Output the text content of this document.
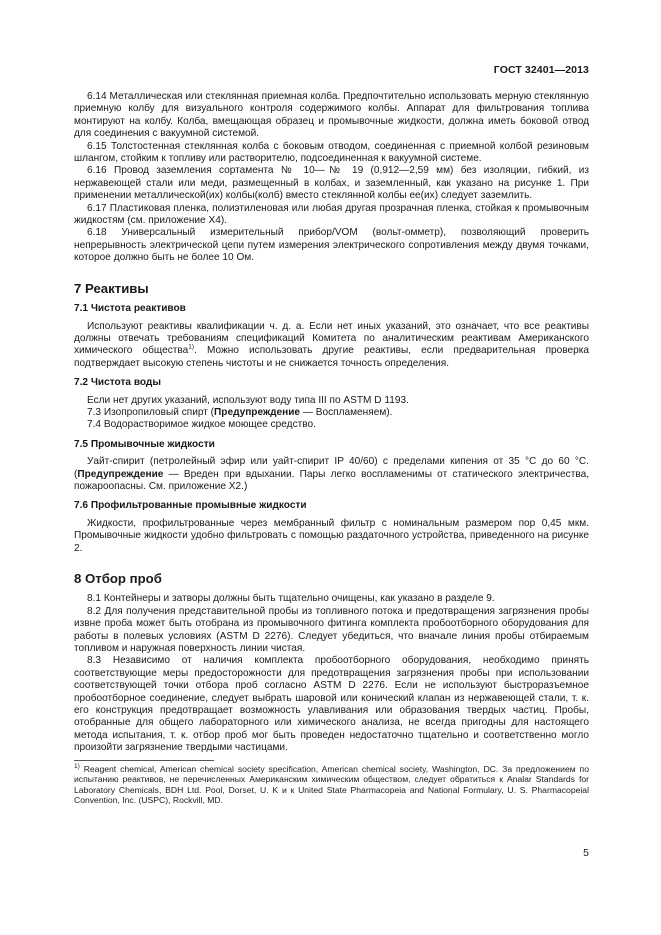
ГОСТ 32401—2013

6.14 Металлическая или стеклянная приемная колба. Предпочтительно использовать мерную стеклянную приемную колбу для визуального контроля содержимого колбы. Аппарат для фильтрования топлива монтируют на колбу. Колба, вмещающая образец и промывочные жидкости, должна иметь боковой отвод для соединения с вакуумной системой.

6.15 Толстостенная стеклянная колба с боковым отводом, соединенная с приемной колбой резиновым шлангом, стойким к топливу или растворителю, подсоединенная к вакуумной системе.

6.16 Провод заземления сортамента № 10—№ 19 (0,912—2,59 мм) без изоляции, гибкий, из нержавеющей стали или меди, размещенный в колбах, и заземленный, как указано на рисунке 1. При применении металлической(их) колбы(колб) вместо стеклянной колбы ее(их) следует заземлить.

6.17 Пластиковая пленка, полиэтиленовая или любая другая прозрачная пленка, стойкая к промывочным жидкостям (см. приложение Х4).

6.18 Универсальный измерительный прибор/VOM (вольт-омметр), позволяющий проверить непрерывность электрической цепи путем измерения электрического сопротивления между двумя точками, которое должно быть не более 10 Ом.

7 Реактивы
7.1 Чистота реактивов

Используют реактивы квалификации ч. д. а. Если нет иных указаний, это означает, что все реактивы должны отвечать требованиям спецификаций Комитета по аналитическим реактивам Американского химического общества$^{1)}$. Можно использовать другие реактивы, если предварительная проверка подтверждает высокую степень чистоты и не снижается точность определения.

7.2 Чистота воды

Если нет других указаний, используют воду типа III по ASTM D 1193.

7.3 Изопропиловый спирт (Предупреждение — Воспламеняем).

7.4 Водорастворимое жидкое моющее средство.

7.5 Промывочные жидкости

Уайт-спирит (петролейный эфир или уайт-спирит IP 40/60) с пределами кипения от 35 °С до 60 °С. (Предупреждение — Вреден при вдыхании. Пары легко воспламенимы от статического электричества, пожароопасны. См. приложение Х2.)

7.6 Профильтрованные промывные жидкости

Жидкости, профильтрованные через мембранный фильтр с номинальным размером пор 0,45 мкм. Промывочные жидкости удобно фильтровать с помощью раздаточного устройства, приведенного на рисунке 2.

8 Отбор проб

8.1 Контейнеры и затворы должны быть тщательно очищены, как указано в разделе 9.

8.2 Для получения представительной пробы из топливного потока и предотвращения загрязнения пробы извне проба может быть отобрана из промывочного фитинга комплекта пробоотборного оборудования для работы в полевых условиях (ASTM D 2276). Следует убедиться, что вначале линия пробы отбираемым топливом и наружная поверхность линии чистая.

8.3 Независимо от наличия комплекта пробоотборного оборудования, необходимо принять соответствующие меры предосторожности для предотвращения загрязнения пробы при использовании соответствующей точки отбора проб согласно ASTM D 2276. Если не используют быстроразъемное пробоотборное соединение, следует выбрать шаровой или конический клапан из нержавеющей стали, т. к. его конструкция предотвращает возможность улавливания или образования твердых частиц. Пробы, отобранные для общего лабораторного или химического анализа, не всегда пригодны для настоящего метода испытания, т. к. отбор проб мог быть проведен недостаточно тщательно и соответственно могло произойти загрязнение твердыми частицами.

$^{1)}$ Reagent chemical, American chemical society specification, American chemical society, Washington, DC. За предложением по испытанию реактивов, не перечисленных Американским химическим обществом, следует обратиться к Analar Standards for Laboratory Chemicals, BDH Ltd. Pool, Dorset, U. K и к United State Pharmacopeia and National Formulary, U. S. Pharmacopeial Convention, Inc. (USPC), Rockvill, MD.

5
